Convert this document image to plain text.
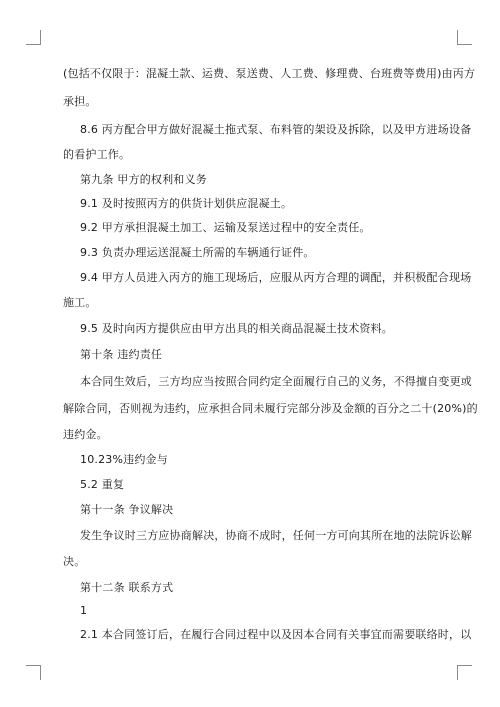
(包括不仅限于：混凝土款、运费、泵送费、人工费、修理费、台班费等费用)由丙方
承担。
8.6 丙方配合甲方做好混凝土拖式泵、布料管的架设及拆除，以及甲方进场设备
的看护工作。
第九条 甲方的权利和义务
9.1 及时按照丙方的供货计划供应混凝土。
9.2 甲方承担混凝土加工、运输及泵送过程中的安全责任。
9.3 负责办理运送混凝土所需的车辆通行证件。
9.4 甲方人员进入丙方的施工现场后，应服从丙方合理的调配，并积极配合现场
施工。
9.5 及时向丙方提供应由甲方出具的相关商品混凝土技术资料。
第十条 违约责任
本合同生效后，三方均应当按照合同约定全面履行自己的义务，不得擅自变更或
解除合同，否则视为违约，应承担合同未履行完部分涉及金额的百分之二十(20%)的
违约金。
10.23%违约金与
5.2 重复
第十一条 争议解决
发生争议时三方应协商解决，协商不成时，任何一方可向其所在地的法院诉讼解
决。
第十二条 联系方式
1
2.1 本合同签订后，在履行合同过程中以及因本合同有关事宜而需要联络时，以
